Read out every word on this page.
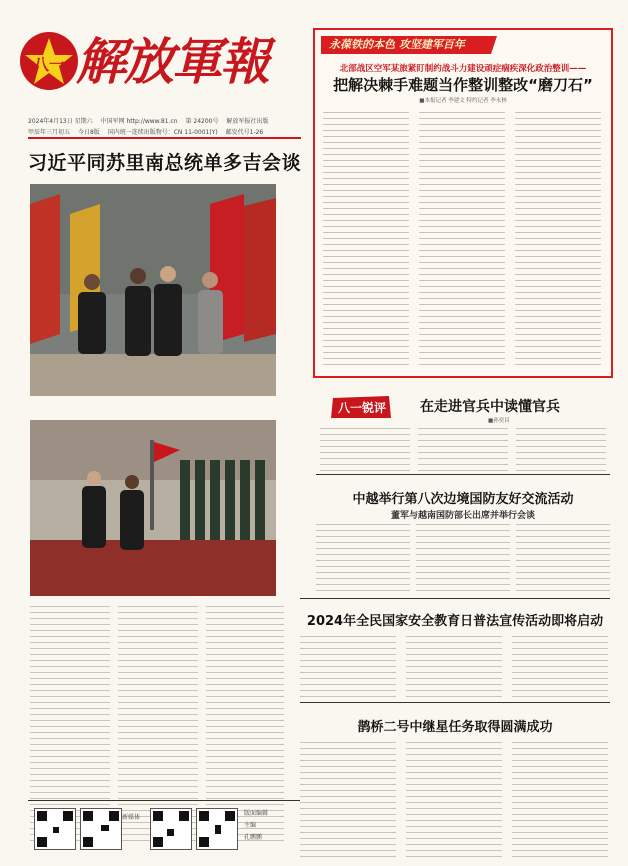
八一 解放軍報
2024年4月13日 星期六 中国军网 http://www.81.cn 第 24200号 解放军报社出版
甲辰年三月初五 今日8版 国内统一连续出版物号：CN 11-0001(Y) 邮发代号1-26
永葆铁的本色 攻坚建军百年
北部战区空军某旅紧盯制约战斗力建设顽症痼疾深化政治整训——
把解决棘手难题当作整训整改“磨刀石”
■本报记者 李建文 特约记者 李永林
习近平同苏里南总统单多吉会谈
八一锐评 在走进官兵中读懂官兵
■孙奕昌
中越举行第八次边境国防友好交流活动
董军与越南国防部长出席并举行会谈
2024年全民国家安全教育日普法宣传活动即将启动
鹊桥二号中继星任务取得圆满成功
新媒体
版面编辑
主编
孔鹏鹏
